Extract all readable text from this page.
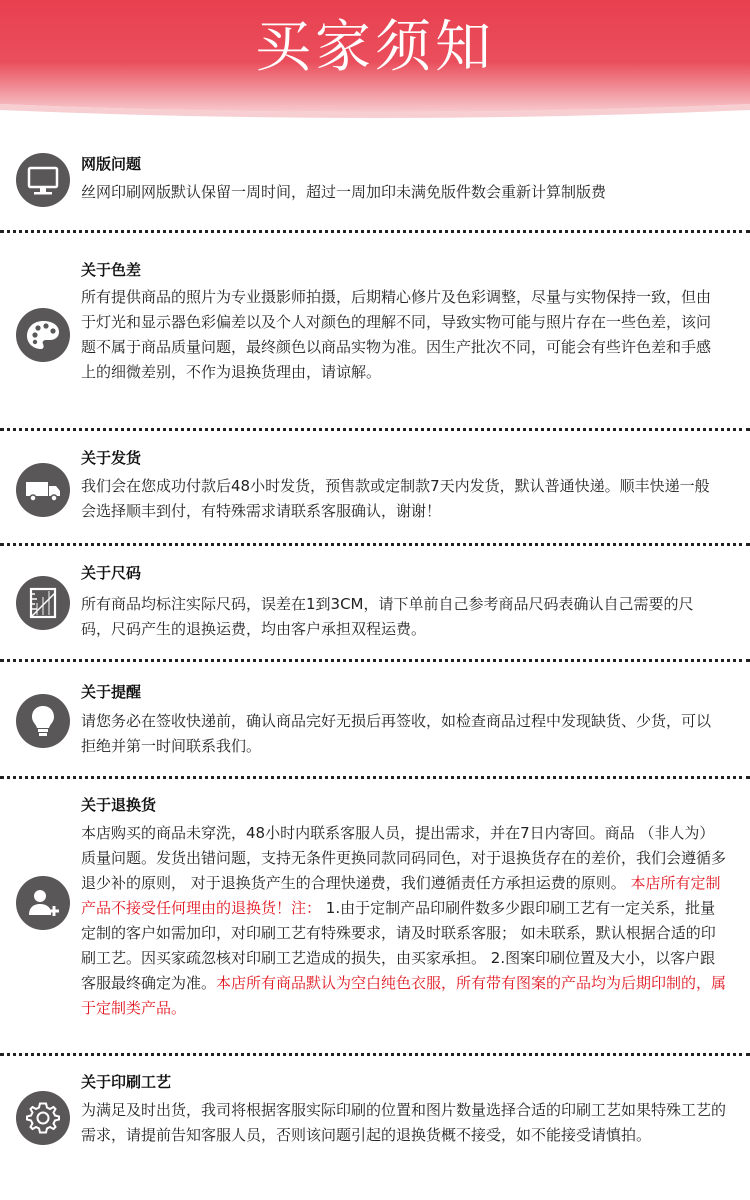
买家须知
网版问题
丝网印刷网版默认保留一周时间，超过一周加印未满免版件数会重新计算制版费
关于色差
所有提供商品的照片为专业摄影师拍摄，后期精心修片及色彩调整，尽量与实物保持一致，但由于灯光和显示器色彩偏差以及个人对颜色的理解不同，导致实物可能与照片存在一些色差，该问题不属于商品质量问题，最终颜色以商品实物为准。因生产批次不同，可能会有些许色差和手感上的细微差别，不作为退换货理由，请谅解。
关于发货
我们会在您成功付款后48小时发货，预售款或定制款7天内发货，默认普通快递。顺丰快递一般会选择顺丰到付，有特殊需求请联系客服确认，谢谢！
关于尺码
所有商品均标注实际尺码，误差在1到3CM，请下单前自己参考商品尺码表确认自己需要的尺码，尺码产生的退换运费，均由客户承担双程运费。
关于提醒
请您务必在签收快递前，确认商品完好无损后再签收，如检查商品过程中发现缺货、少货，可以拒绝并第一时间联系我们。
关于退换货
本店购买的商品未穿洗，48小时内联系客服人员，提出需求，并在7日内寄回。商品 （非人为）质量问题。发货出错问题，支持无条件更换同款同码同色，对于退换货存在的差价，我们会遵循多退少补的原则， 对于退换货产生的合理快递费，我们遵循责任方承担运费的原则。 本店所有定制产品不接受任何理由的退换货！注： 1.由于定制产品印刷件数多少跟印刷工艺有一定关系，批量定制的客户如需加印，对印刷工艺有特殊要求，请及时联系客服； 如未联系，默认根据合适的印刷工艺。因买家疏忽核对印刷工艺造成的损失，由买家承担。 2.图案印刷位置及大小，以客户跟客服最终确定为准。本店所有商品默认为空白纯色衣服，所有带有图案的产品均为后期印制的，属于定制类产品。
关于印刷工艺
为满足及时出货，我司将根据客服实际印刷的位置和图片数量选择合适的印刷工艺如果特殊工艺的需求，请提前告知客服人员，否则该问题引起的退换货概不接受，如不能接受请慎拍。
